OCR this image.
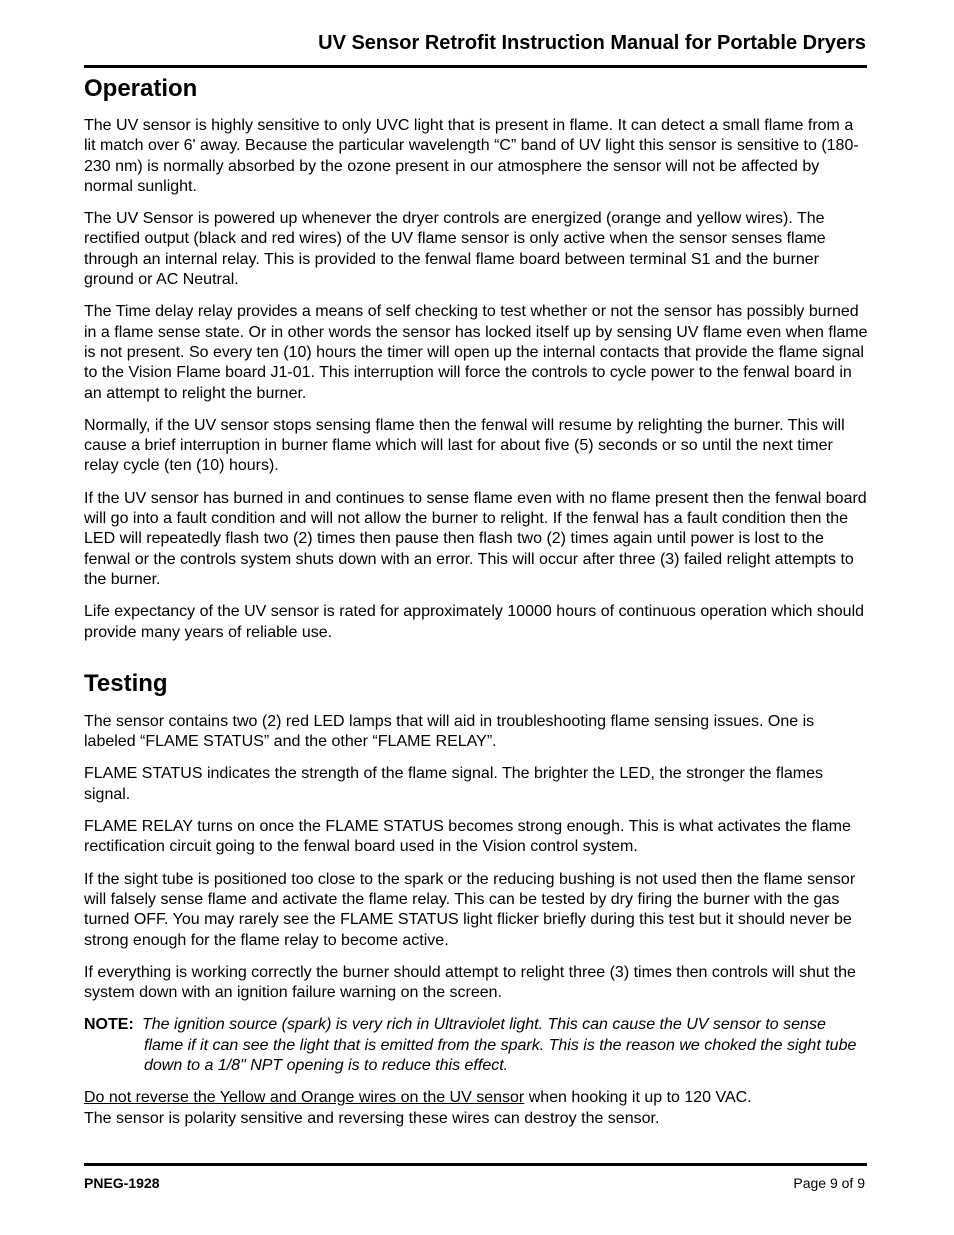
UV Sensor Retrofit Instruction Manual for Portable Dryers
Operation

The UV sensor is highly sensitive to only UVC light that is present in flame. It can detect a small flame from a lit match over 6' away. Because the particular wavelength “C” band of UV light this sensor is sensitive to (180-230 nm) is normally absorbed by the ozone present in our atmosphere the sensor will not be affected by normal sunlight.

The UV Sensor is powered up whenever the dryer controls are energized (orange and yellow wires). The rectified output (black and red wires) of the UV flame sensor is only active when the sensor senses flame through an internal relay. This is provided to the fenwal flame board between terminal S1 and the burner ground or AC Neutral.

The Time delay relay provides a means of self checking to test whether or not the sensor has possibly burned in a flame sense state. Or in other words the sensor has locked itself up by sensing UV flame even when flame is not present. So every ten (10) hours the timer will open up the internal contacts that provide the flame signal to the Vision Flame board J1-01. This interruption will force the controls to cycle power to the fenwal board in an attempt to relight the burner.

Normally, if the UV sensor stops sensing flame then the fenwal will resume by relighting the burner. This will cause a brief interruption in burner flame which will last for about five (5) seconds or so until the next timer relay cycle (ten (10) hours).

If the UV sensor has burned in and continues to sense flame even with no flame present then the fenwal board will go into a fault condition and will not allow the burner to relight. If the fenwal has a fault condition then the LED will repeatedly flash two (2) times then pause then flash two (2) times again until power is lost to the fenwal or the controls system shuts down with an error. This will occur after three (3) failed relight attempts to the burner.

Life expectancy of the UV sensor is rated for approximately 10000 hours of continuous operation which should provide many years of reliable use.

Testing

The sensor contains two (2) red LED lamps that will aid in troubleshooting flame sensing issues. One is labeled “FLAME STATUS” and the other “FLAME RELAY”.

FLAME STATUS indicates the strength of the flame signal. The brighter the LED, the stronger the flames signal.

FLAME RELAY turns on once the FLAME STATUS becomes strong enough. This is what activates the flame rectification circuit going to the fenwal board used in the Vision control system.

If the sight tube is positioned too close to the spark or the reducing bushing is not used then the flame sensor will falsely sense flame and activate the flame relay. This can be tested by dry firing the burner with the gas turned OFF. You may rarely see the FLAME STATUS light flicker briefly during this test but it should never be strong enough for the flame relay to become active.

If everything is working correctly the burner should attempt to relight three (3) times then controls will shut the system down with an ignition failure warning on the screen.

NOTE: The ignition source (spark) is very rich in Ultraviolet light. This can cause the UV sensor to sense flame if it can see the light that is emitted from the spark. This is the reason we choked the sight tube down to a 1/8" NPT opening is to reduce this effect.

Do not reverse the Yellow and Orange wires on the UV sensor when hooking it up to 120 VAC.
The sensor is polarity sensitive and reversing these wires can destroy the sensor.

PNEG-1928	Page 9 of 9
